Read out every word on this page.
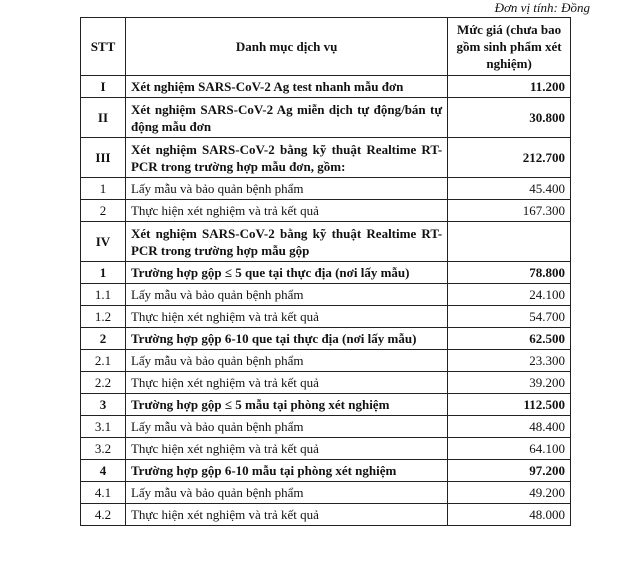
Đơn vị tính: Đồng
STT	Danh mục dịch vụ	Mức giá (chưa bao gồm sinh phẩm xét nghiệm)
I	Xét nghiệm SARS-CoV-2 Ag test nhanh mẫu đơn	11.200
II	Xét nghiệm SARS-CoV-2 Ag miễn dịch tự động/bán tự động mẫu đơn	30.800
III	Xét nghiệm SARS-CoV-2 bằng kỹ thuật Realtime RT-PCR trong trường hợp mẫu đơn, gồm:	212.700
1	Lấy mẫu và bảo quản bệnh phẩm	45.400
2	Thực hiện xét nghiệm và trả kết quả	167.300
IV	Xét nghiệm SARS-CoV-2 bằng kỹ thuật Realtime RT-PCR trong trường hợp mẫu gộp	
1	Trường hợp gộp ≤ 5 que tại thực địa (nơi lấy mẫu)	78.800
1.1	Lấy mẫu và bảo quản bệnh phẩm	24.100
1.2	Thực hiện xét nghiệm và trả kết quả	54.700
2	Trường hợp gộp 6-10 que tại thực địa (nơi lấy mẫu)	62.500
2.1	Lấy mẫu và bảo quản bệnh phẩm	23.300
2.2	Thực hiện xét nghiệm và trả kết quả	39.200
3	Trường hợp gộp ≤ 5 mẫu tại phòng xét nghiệm	112.500
3.1	Lấy mẫu và bảo quản bệnh phẩm	48.400
3.2	Thực hiện xét nghiệm và trả kết quả	64.100
4	Trường hợp gộp 6-10 mẫu tại phòng xét nghiệm	97.200
4.1	Lấy mẫu và bảo quản bệnh phẩm	49.200
4.2	Thực hiện xét nghiệm và trả kết quả	48.000
